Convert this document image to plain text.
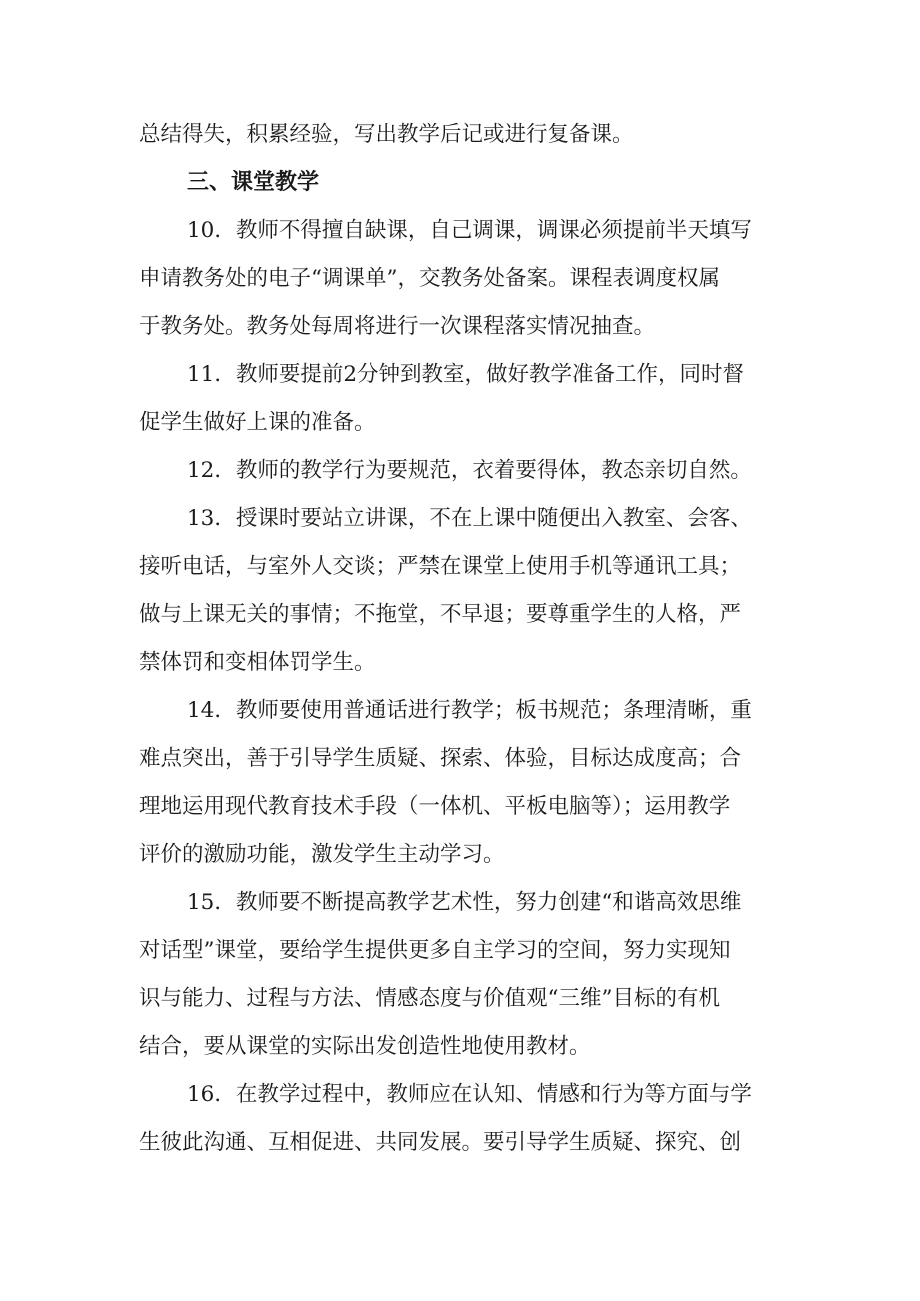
总结得失，积累经验，写出教学后记或进行复备课。
三、课堂教学
10．教师不得擅自缺课，自己调课，调课必须提前半天填写
申请教务处的电子“调课单”，交教务处备案。课程表调度权属
于教务处。教务处每周将进行一次课程落实情况抽查。
11．教师要提前2分钟到教室，做好教学准备工作，同时督
促学生做好上课的准备。
12．教师的教学行为要规范，衣着要得体，教态亲切自然。
13．授课时要站立讲课，不在上课中随便出入教室、会客、
接听电话，与室外人交谈；严禁在课堂上使用手机等通讯工具；
做与上课无关的事情；不拖堂，不早退；要尊重学生的人格，严
禁体罚和变相体罚学生。
14．教师要使用普通话进行教学；板书规范；条理清晰，重
难点突出，善于引导学生质疑、探索、体验，目标达成度高；合
理地运用现代教育技术手段（一体机、平板电脑等）；运用教学
评价的激励功能，激发学生主动学习。
15．教师要不断提高教学艺术性，努力创建“和谐高效思维
对话型”课堂，要给学生提供更多自主学习的空间，努力实现知
识与能力、过程与方法、情感态度与价值观“三维”目标的有机
结合，要从课堂的实际出发创造性地使用教材。
16．在教学过程中，教师应在认知、情感和行为等方面与学
生彼此沟通、互相促进、共同发展。要引导学生质疑、探究、创
